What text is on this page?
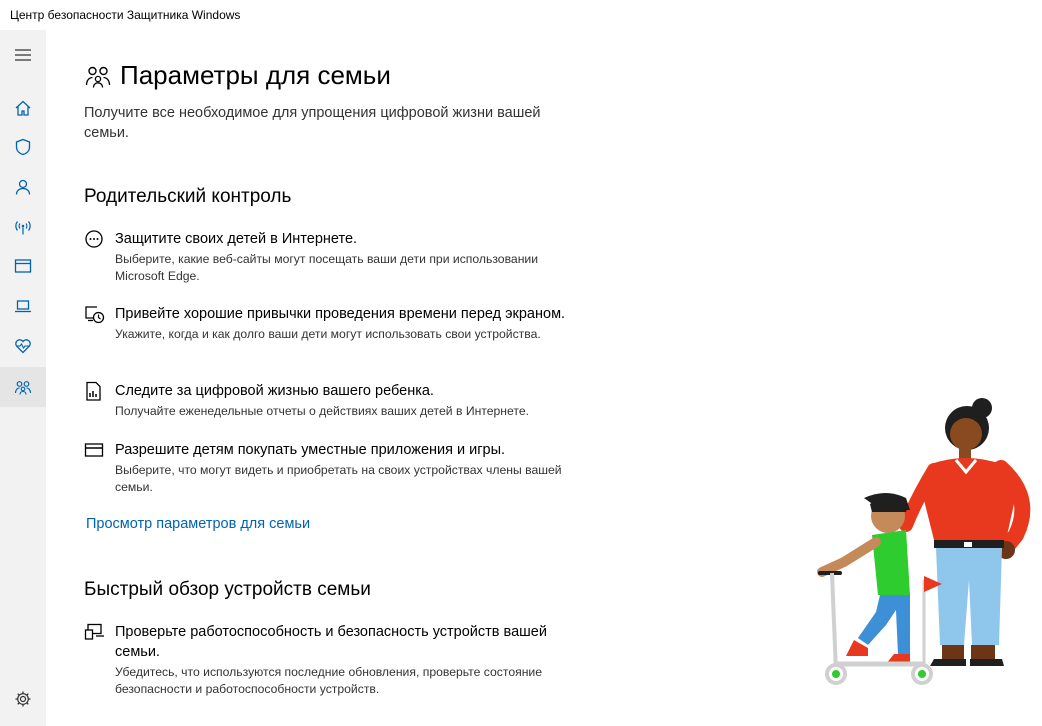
Центр безопасности Защитника Windows
Параметры для семьи

Получите все необходимое для упрощения цифровой жизни вашей семьи.

Родительский контроль
Защитите своих детей в Интернете.
Выберите, какие веб-сайты могут посещать ваши дети при использовании Microsoft Edge.
Привейте хорошие привычки проведения времени перед экраном.
Укажите, когда и как долго ваши дети могут использовать свои устройства.
Следите за цифровой жизнью вашего ребенка.
Получайте еженедельные отчеты о действиях ваших детей в Интернете.
Разрешите детям покупать уместные приложения и игры.
Выберите, что могут видеть и приобретать на своих устройствах члены вашей семьи.
Просмотр параметров для семьи
Быстрый обзор устройств семьи
Проверьте работоспособность и безопасность устройств вашей семьи.
Убедитесь, что используются последние обновления, проверьте состояние безопасности и работоспособности устройств.
